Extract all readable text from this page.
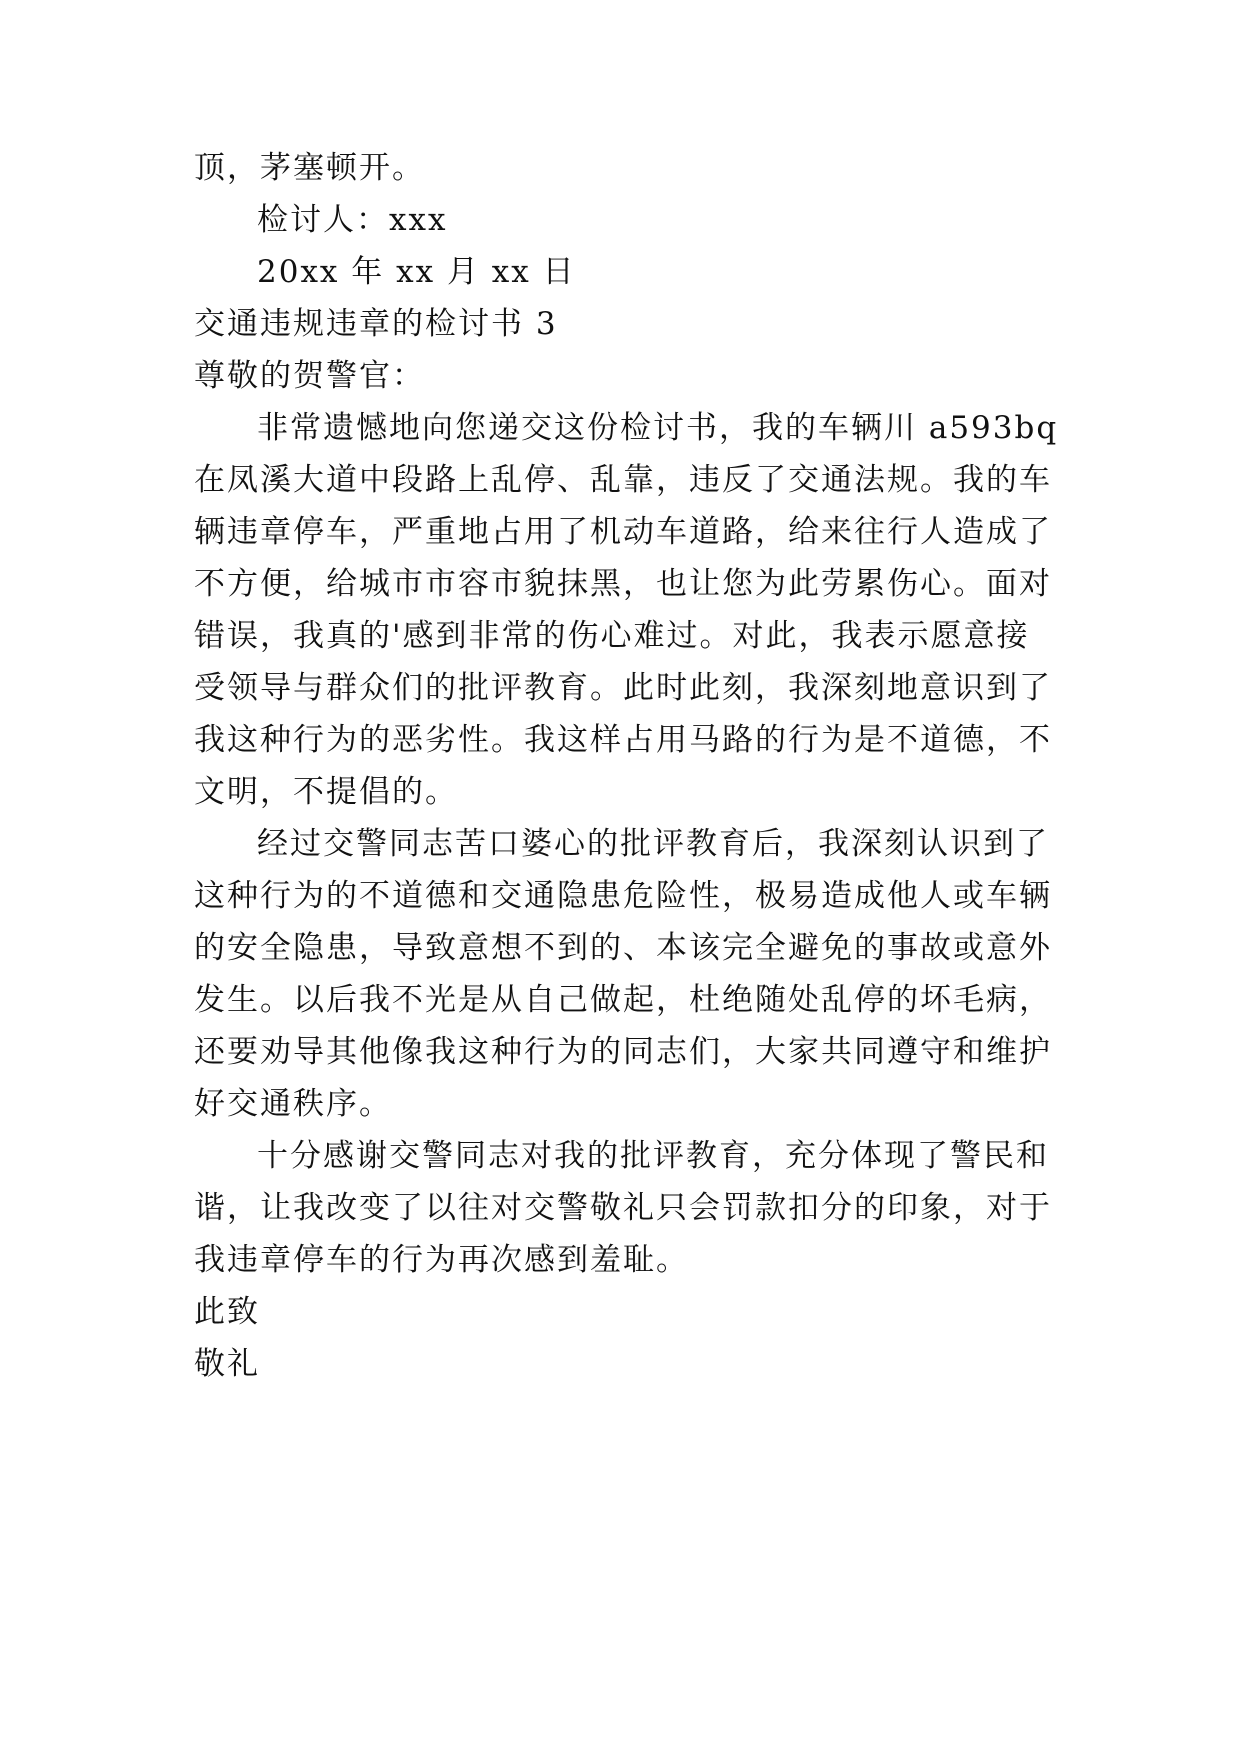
顶，茅塞顿开。
检讨人：xxx
20xx 年 xx 月 xx 日
交通违规违章的检讨书 3
尊敬的贺警官：
非常遗憾地向您递交这份检讨书，我的车辆川 a593bq
在凤溪大道中段路上乱停、乱靠，违反了交通法规。我的车
辆违章停车，严重地占用了机动车道路，给来往行人造成了
不方便，给城市市容市貌抹黑，也让您为此劳累伤心。面对
错误，我真的'感到非常的伤心难过。对此，我表示愿意接
受领导与群众们的批评教育。此时此刻，我深刻地意识到了
我这种行为的恶劣性。我这样占用马路的行为是不道德，不
文明，不提倡的。
经过交警同志苦口婆心的批评教育后，我深刻认识到了
这种行为的不道德和交通隐患危险性，极易造成他人或车辆
的安全隐患，导致意想不到的、本该完全避免的事故或意外
发生。以后我不光是从自己做起，杜绝随处乱停的坏毛病，
还要劝导其他像我这种行为的同志们，大家共同遵守和维护
好交通秩序。
十分感谢交警同志对我的批评教育，充分体现了警民和
谐，让我改变了以往对交警敬礼只会罚款扣分的印象，对于
我违章停车的行为再次感到羞耻。
此致
敬礼
